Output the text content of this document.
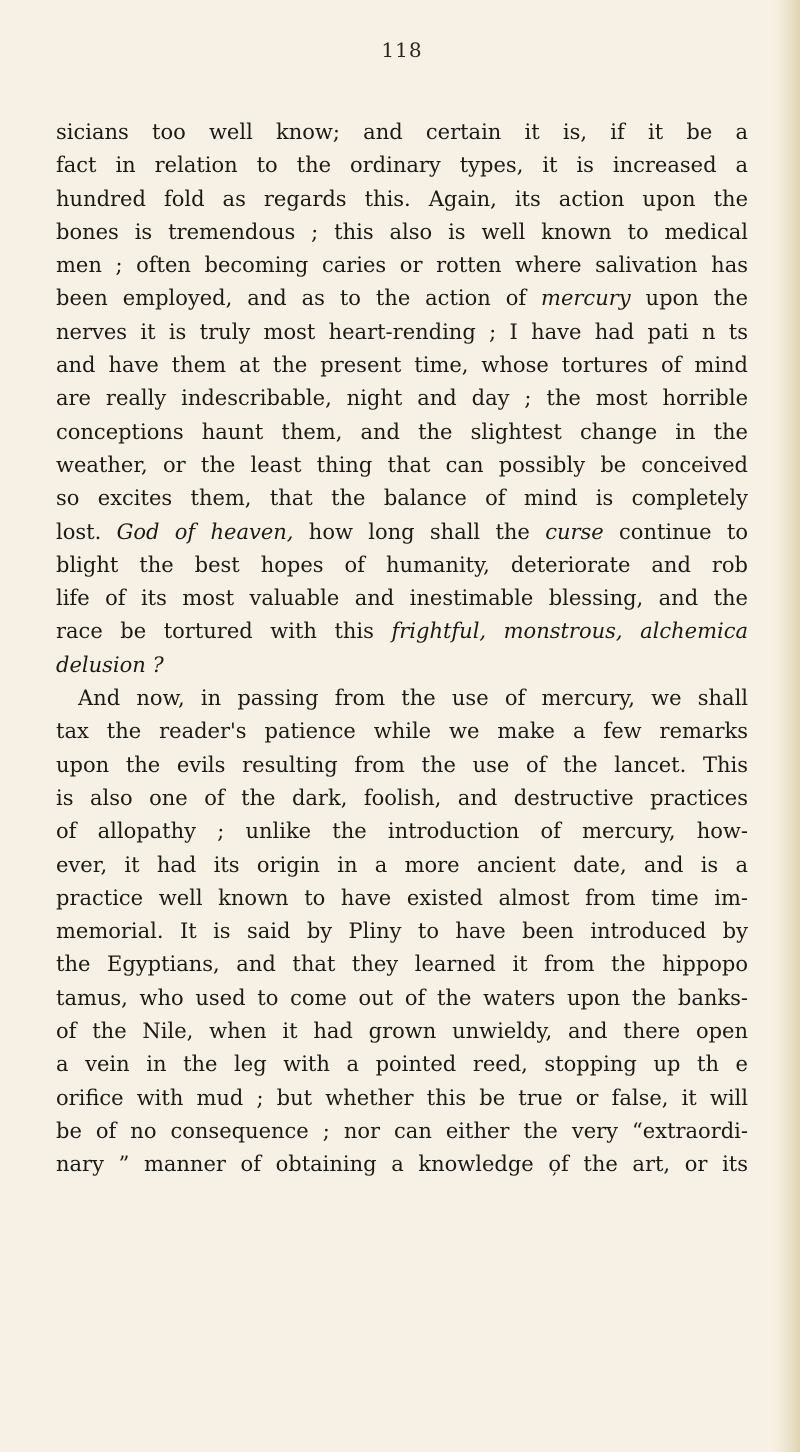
118
sicians too well know; and certain it is, if it be a
fact in relation to the ordinary types, it is increased a
hundred fold as regards this. Again, its action upon the
bones is tremendous ; this also is well known to medical
men ; often becoming caries or rotten where salivation has
been employed, and as to the action of mercury upon the
nerves it is truly most heart-rending ; I have had pati n ts
and have them at the present time, whose tortures of mind
are really indescribable, night and day ; the most horrible
conceptions haunt them, and the slightest change in the
weather, or the least thing that can possibly be conceived
so excites them, that the balance of mind is completely
lost. God of heaven, how long shall the curse continue to
blight the best hopes of humanity, deteriorate and rob
life of its most valuable and inestimable blessing, and the
race be tortured with this frightful, monstrous, alchemica
delusion ?
And now, in passing from the use of mercury, we shall
tax the reader's patience while we make a few remarks
upon the evils resulting from the use of the lancet. This
is also one of the dark, foolish, and destructive practices
of allopathy ; unlike the introduction of mercury, how-
ever, it had its origin in a more ancient date, and is a
practice well known to have existed almost from time im-
memorial. It is said by Pliny to have been introduced by
the Egyptians, and that they learned it from the hippopo
tamus, who used to come out of the waters upon the banks-
of the Nile, when it had grown unwieldy, and there open
a vein in the leg with a pointed reed, stopping up th e
orifice with mud ; but whether this be true or false, it will
be of no consequence ; nor can either the very “extraordi-
nary ” manner of obtaining a knowledge o̦f the art, or its
